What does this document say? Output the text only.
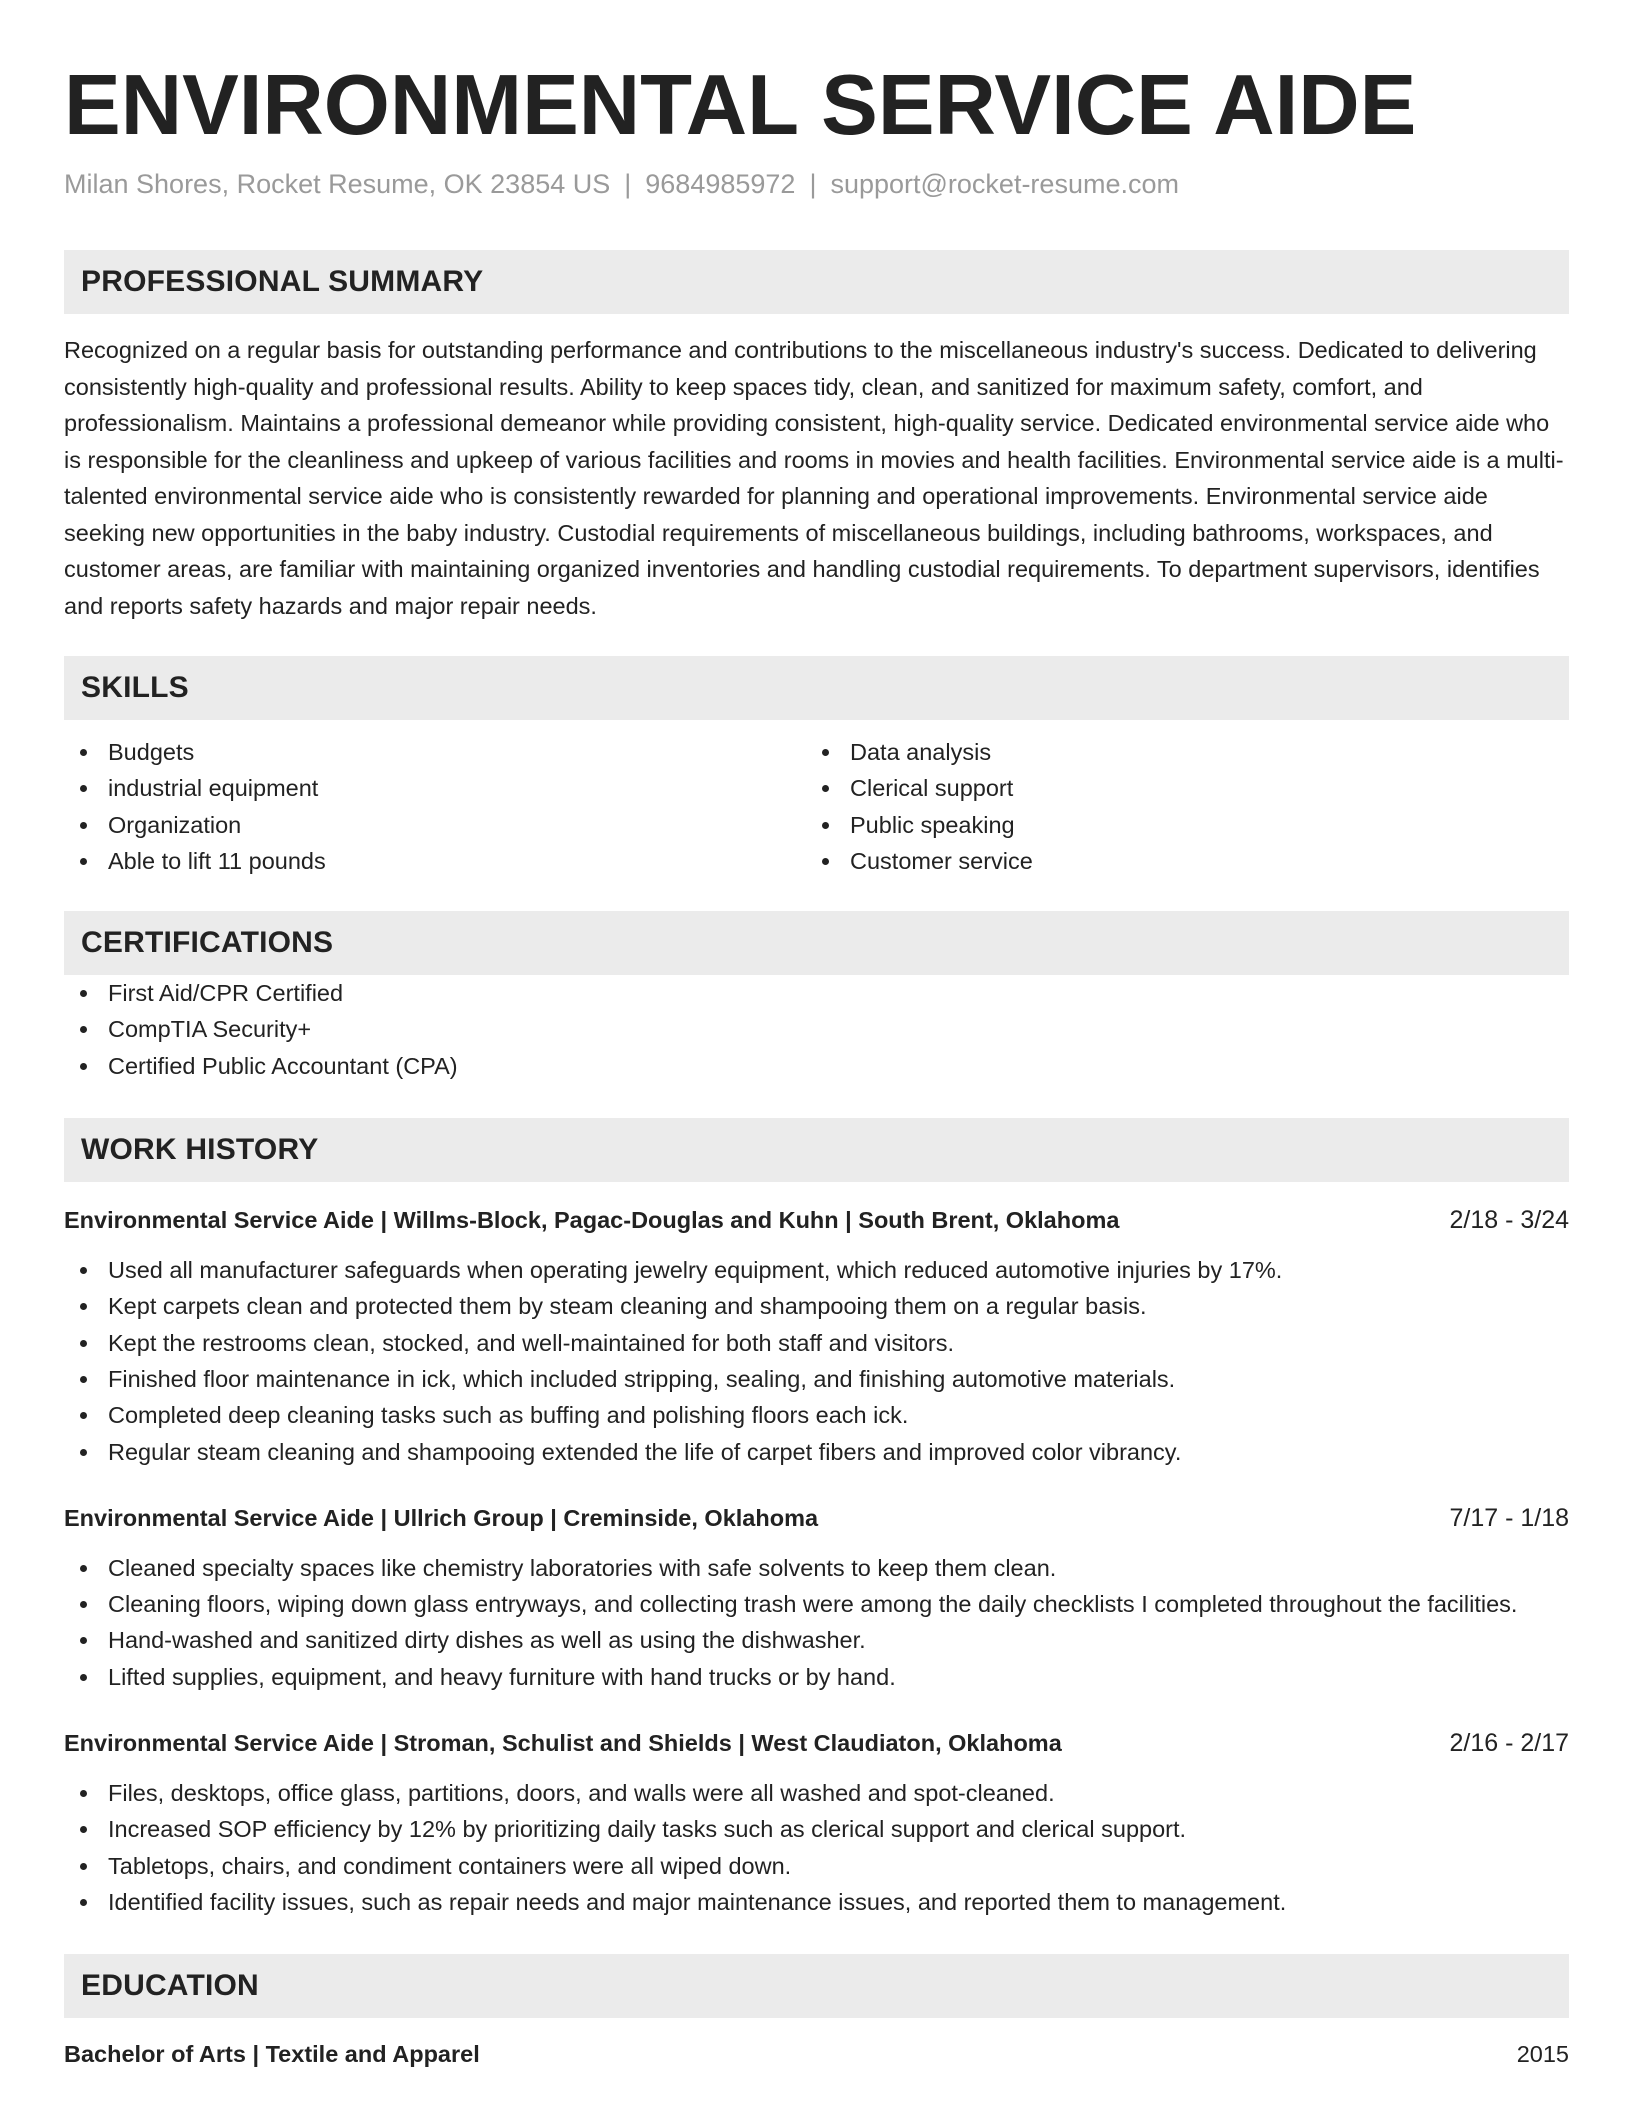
ENVIRONMENTAL SERVICE AIDE
Milan Shores, Rocket Resume, OK 23854 US | 9684985972 | support@rocket-resume.com
PROFESSIONAL SUMMARY

Recognized on a regular basis for outstanding performance and contributions to the miscellaneous industry's success. Dedicated to delivering consistently high-quality and professional results. Ability to keep spaces tidy, clean, and sanitized for maximum safety, comfort, and professionalism. Maintains a professional demeanor while providing consistent, high-quality service. Dedicated environmental service aide who is responsible for the cleanliness and upkeep of various facilities and rooms in movies and health facilities. Environmental service aide is a multi-talented environmental service aide who is consistently rewarded for planning and operational improvements. Environmental service aide seeking new opportunities in the baby industry. Custodial requirements of miscellaneous buildings, including bathrooms, workspaces, and customer areas, are familiar with maintaining organized inventories and handling custodial requirements. To department supervisors, identifies and reports safety hazards and major repair needs.

SKILLS
Budgets
industrial equipment
Organization
Able to lift 11 pounds
Data analysis
Clerical support
Public speaking
Customer service
CERTIFICATIONS
First Aid/CPR Certified
CompTIA Security+
Certified Public Accountant (CPA)
WORK HISTORY
Environmental Service Aide | Willms-Block, Pagac-Douglas and Kuhn | South Brent, Oklahoma	2/18 - 3/24
Used all manufacturer safeguards when operating jewelry equipment, which reduced automotive injuries by 17%.
Kept carpets clean and protected them by steam cleaning and shampooing them on a regular basis.
Kept the restrooms clean, stocked, and well-maintained for both staff and visitors.
Finished floor maintenance in ick, which included stripping, sealing, and finishing automotive materials.
Completed deep cleaning tasks such as buffing and polishing floors each ick.
Regular steam cleaning and shampooing extended the life of carpet fibers and improved color vibrancy.
Environmental Service Aide | Ullrich Group | Creminside, Oklahoma	7/17 - 1/18
Cleaned specialty spaces like chemistry laboratories with safe solvents to keep them clean.
Cleaning floors, wiping down glass entryways, and collecting trash were among the daily checklists I completed throughout the facilities.
Hand-washed and sanitized dirty dishes as well as using the dishwasher.
Lifted supplies, equipment, and heavy furniture with hand trucks or by hand.
Environmental Service Aide | Stroman, Schulist and Shields | West Claudiaton, Oklahoma	2/16 - 2/17
Files, desktops, office glass, partitions, doors, and walls were all washed and spot-cleaned.
Increased SOP efficiency by 12% by prioritizing daily tasks such as clerical support and clerical support.
Tabletops, chairs, and condiment containers were all wiped down.
Identified facility issues, such as repair needs and major maintenance issues, and reported them to management.
EDUCATION
Bachelor of Arts | Textile and Apparel	2015
